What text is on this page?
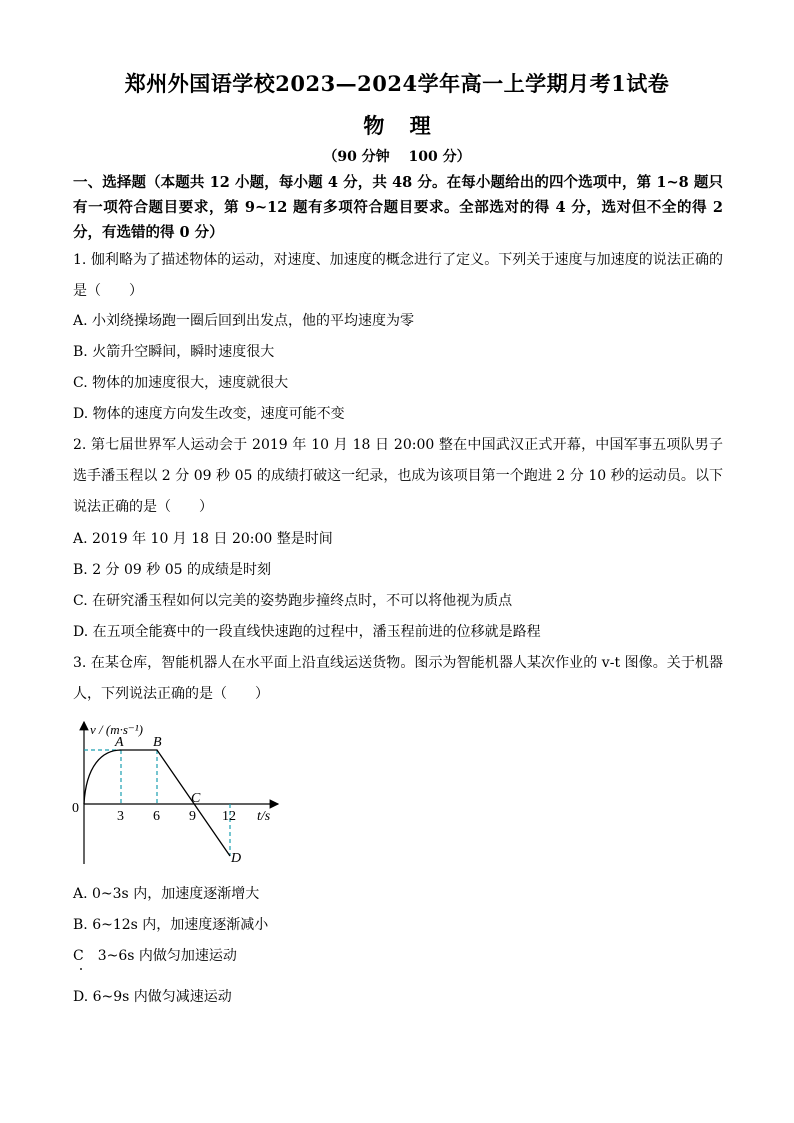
郑州外国语学校2023—2024学年高一上学期月考1试卷
物 理
（90 分钟　 100 分）
一、选择题（本题共 12 小题，每小题 4 分，共 48 分。在每小题给出的四个选项中，第 1~8 题只有一项符合题目要求，第 9~12 题有多项符合题目要求。全部选对的得 4 分，选对但不全的得 2 分，有选错的得 0 分）
1. 伽利略为了描述物体的运动，对速度、加速度的概念进行了定义。下列关于速度与加速度的说法正确的是（　　）
A. 小刘绕操场跑一圈后回到出发点，他的平均速度为零
B. 火箭升空瞬间，瞬时速度很大
C. 物体的加速度很大，速度就很大
D. 物体的速度方向发生改变，速度可能不变
2. 第七届世界军人运动会于 2019 年 10 月 18 日 20:00 整在中国武汉正式开幕，中国军事五项队男子选手潘玉程以 2 分 09 秒 05 的成绩打破这一纪录，也成为该项目第一个跑进 2 分 10 秒的运动员。以下说法正确的是（　　）
A. 2019 年 10 月 18 日 20:00 整是时间
B. 2 分 09 秒 05 的成绩是时刻
C. 在研究潘玉程如何以完美的姿势跑步撞终点时，不可以将他视为质点
D. 在五项全能赛中的一段直线快速跑的过程中，潘玉程前进的位移就是路程
3. 在某仓库，智能机器人在水平面上沿直线运送货物。图示为智能机器人某次作业的 v-t 图像。关于机器人，下列说法正确的是（　　）
v / (m·s⁻¹)
0
t/s
3 6 9 12
A B
C
D
A. 0~3s 内，加速度逐渐增大
B. 6~12s 内，加速度逐渐减小
C　3~6s 内做匀加速运动
D. 6~9s 内做匀减速运动
